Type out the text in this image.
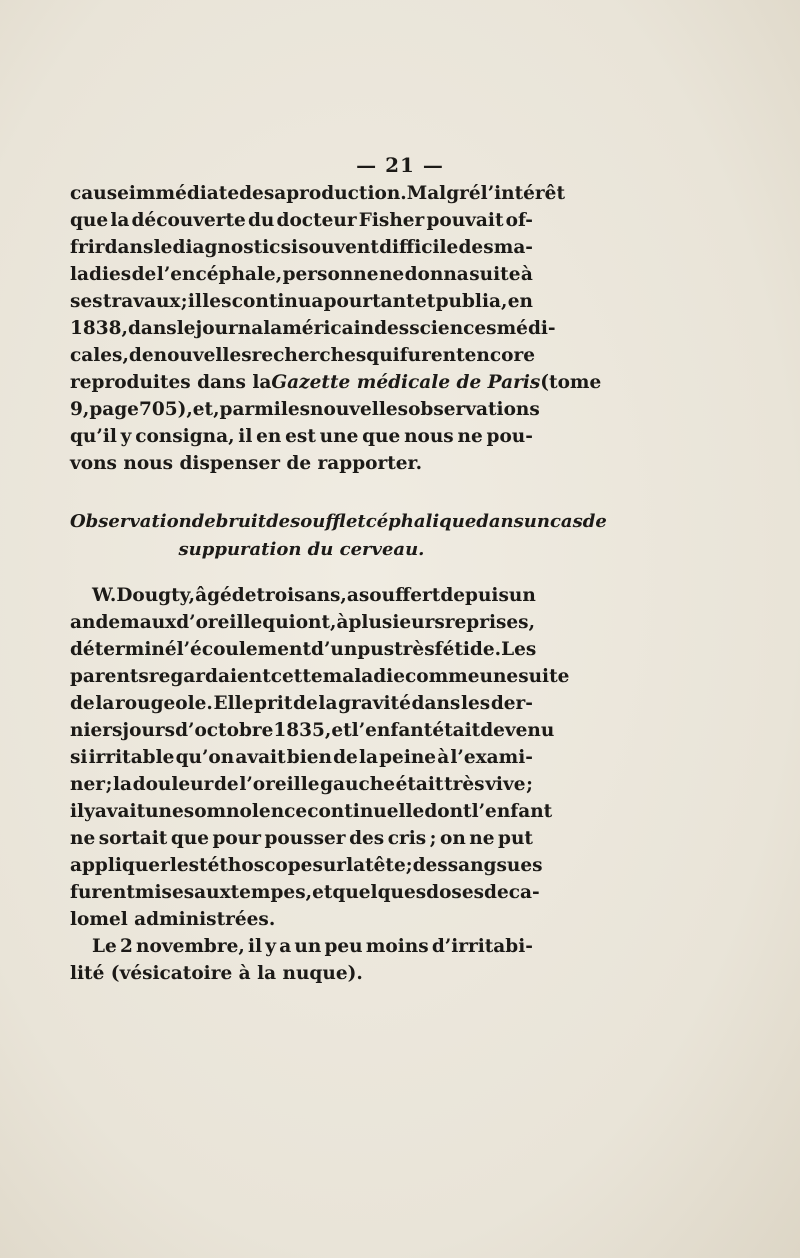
— 21 —
cause immédiate de sa production. Malgré l’intérêt
que la découverte du docteur Fisher pouvait of-
frir dans le diagnostic si souvent difficile des ma-
ladies de l’encéphale, personne ne donna suite à
ses travaux ; il les continua pourtant et publia, en
1838, dans le journal américain des sciences médi-
cales, de nouvelles recherches qui furent encore
reproduites dans la Gazette médicale de Paris (tome
9, page 705), et, parmi les nouvelles observations
qu’il y consigna, il en est une que nous ne pou-
vons nous dispenser de rapporter.
Observation de bruit de soufflet céphalique dans un cas de
suppuration du cerveau.
W. Dougty, âgé de trois ans, a souffert depuis un
an de maux d’oreille qui ont, à plusieurs reprises,
déterminé l’écoulement d’un pus très fétide. Les
parents regardaient cette maladie comme une suite
de la rougeole. Elle prit de la gravité dans les der-
niers jours d’octobre 1835, et l’enfant était devenu
si irritable qu’on avait bien de la peine à l’exami-
ner ; la douleur de l’oreille gauche était très vive ;
il y avait une somnolence continuelle dont l’enfant
ne sortait que pour pousser des cris ; on ne put
appliquer le stéthoscope sur la tête ; des sangsues
furent mises aux tempes, et quelques doses de ca-
lomel administrées.
Le 2 novembre, il y a un peu moins d’irritabi-
lité (vésicatoire à la nuque).
